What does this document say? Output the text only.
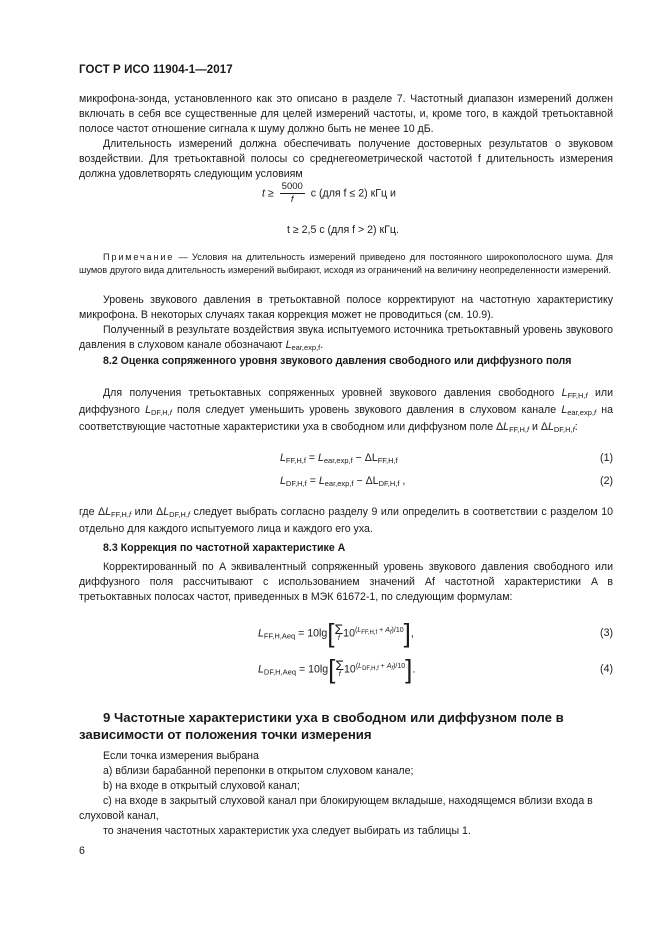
ГОСТ Р ИСО 11904-1—2017
микрофона-зонда, установленного как это описано в разделе 7. Частотный диапазон измерений должен включать в себя все существенные для целей измерений частоты, и, кроме того, в каждой третьоктавной полосе частот отношение сигнала к шуму должно быть не менее 10 дБ.
Длительность измерений должна обеспечивать получение достоверных результатов о звуковом воздействии. Для третьоктавной полосы со среднегеометрической частотой f длительность измерения должна удовлетворять следующим условиям
$t \ge \frac{5000}{f}$ с (для f ≤ 2) кГц и
t ≥ 2,5 с (для f > 2) кГц.
Примечание — Условия на длительность измерений приведено для постоянного широкополосного шума. Для шумов другого вида длительность измерений выбирают, исходя из ограничений на величину неопределенности измерений.
Уровень звукового давления в третьоктавной полосе корректируют на частотную характеристику микрофона. В некоторых случаях такая коррекция может не проводиться (см. 10.9).
Полученный в результате воздействия звука испытуемого источника третьоктавный уровень звукового давления в слуховом канале обозначают $L_{ear,exp,f}$.
8.2 Оценка сопряженного уровня звукового давления свободного или диффузного поля
Для получения третьоктавных сопряженных уровней звукового давления свободного $L_{FF,H,f}$ или диффузного $L_{DF,H,f}$ поля следует уменьшить уровень звукового давления в слуховом канале $L_{ear,exp,f}$ на соответствующие частотные характеристики уха в свободном или диффузном поле $\Delta L_{FF,H,f}$ и $\Delta L_{DF,H,f}$:
$L_{FF,H,f} = L_{ear,exp,f} - \Delta L_{FF,H,f}$	(1)
$L_{DF,H,f} = L_{ear,exp,f} - \Delta L_{DF,H,f}$ ,	(2)
где $\Delta L_{FF,H,f}$ или $\Delta L_{DF,H,f}$ следует выбрать согласно разделу 9 или определить в соответствии с разделом 10 отдельно для каждого испытуемого лица и каждого его уха.
8.3 Коррекция по частотной характеристике A
Корректированный по A эквивалентный сопряженный уровень звукового давления свободного или диффузного поля рассчитывают с использованием значений Af частотной характеристики A в третьоктавных полосах частот, приведенных в МЭК 61672-1, по следующим формулам:
$L_{FF,H,Aeq} = 10\lg$[ Σ
f $10^{(L_{FF,H,f} + A_f)/10}$],	(3)
$L_{DF,H,Aeq} = 10\lg$[ Σ
f $10^{(L_{DF,H,f} + A_f)/10}$].	(4)
9 Частотные характеристики уха в свободном или диффузном поле в зависимости от положения точки измерения
Если точка измерения выбрана
a) вблизи барабанной перепонки в открытом слуховом канале;
b) на входе в открытый слуховой канал;
c) на входе в закрытый слуховой канал при блокирующем вкладыше, находящемся вблизи входа в слуховой канал,
то значения частотных характеристик уха следует выбирать из таблицы 1.
6
